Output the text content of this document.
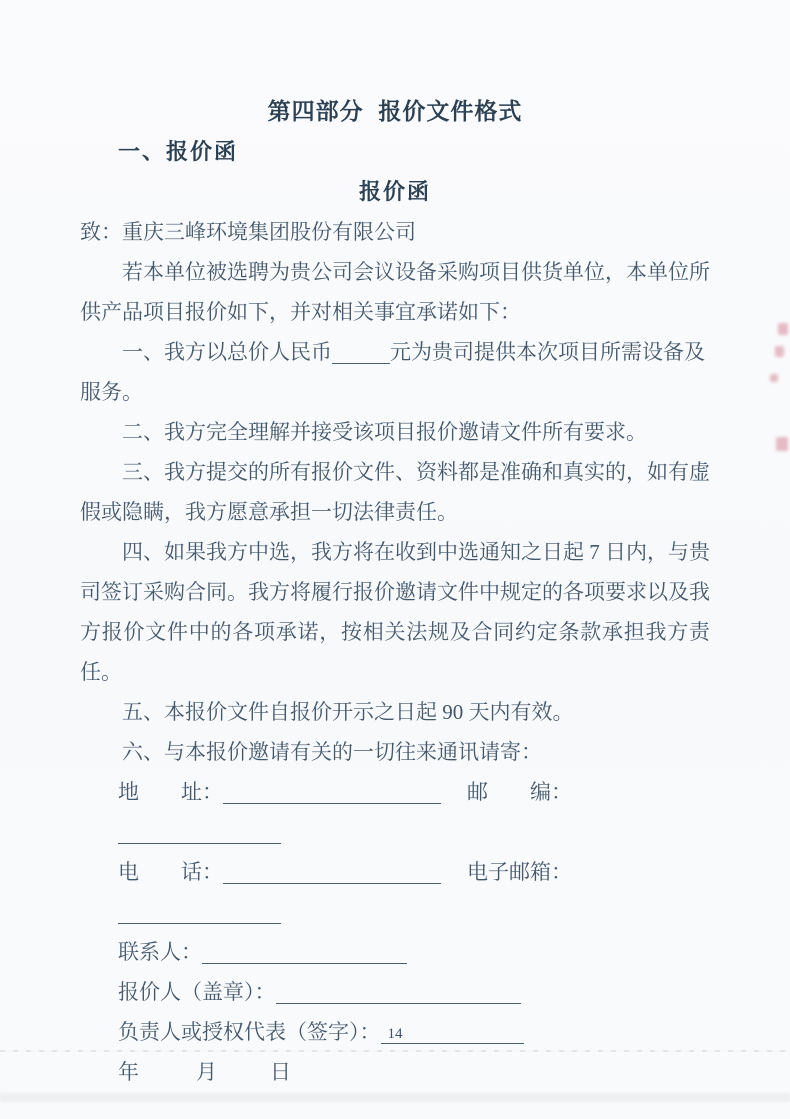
第四部分 报价文件格式
一、报价函
报价函
致：重庆三峰环境集团股份有限公司
若本单位被选聘为贵公司会议设备采购项目供货单位，本单位所
供产品项目报价如下，并对相关事宜承诺如下：
一、我方以总价人民币	元为贵司提供本次项目所需设备及
服务。
二、我方完全理解并接受该项目报价邀请文件所有要求。
三、我方提交的所有报价文件、资料都是准确和真实的，如有虚
假或隐瞒，我方愿意承担一切法律责任。
四、如果我方中选，我方将在收到中选通知之日起 7 日内，与贵
司签订采购合同。我方将履行报价邀请文件中规定的各项要求以及我
方报价文件中的各项承诺，按相关法规及合同约定条款承担我方责
任。
五、本报价文件自报价开示之日起 90 天内有效。
六、与本报价邀请有关的一切往来通讯请寄：
地　　址：	邮　　编：
电　　话：	电子邮箱：
联系人：
报价人（盖章）：
负责人或授权代表（签字）：
年	月	日
14
